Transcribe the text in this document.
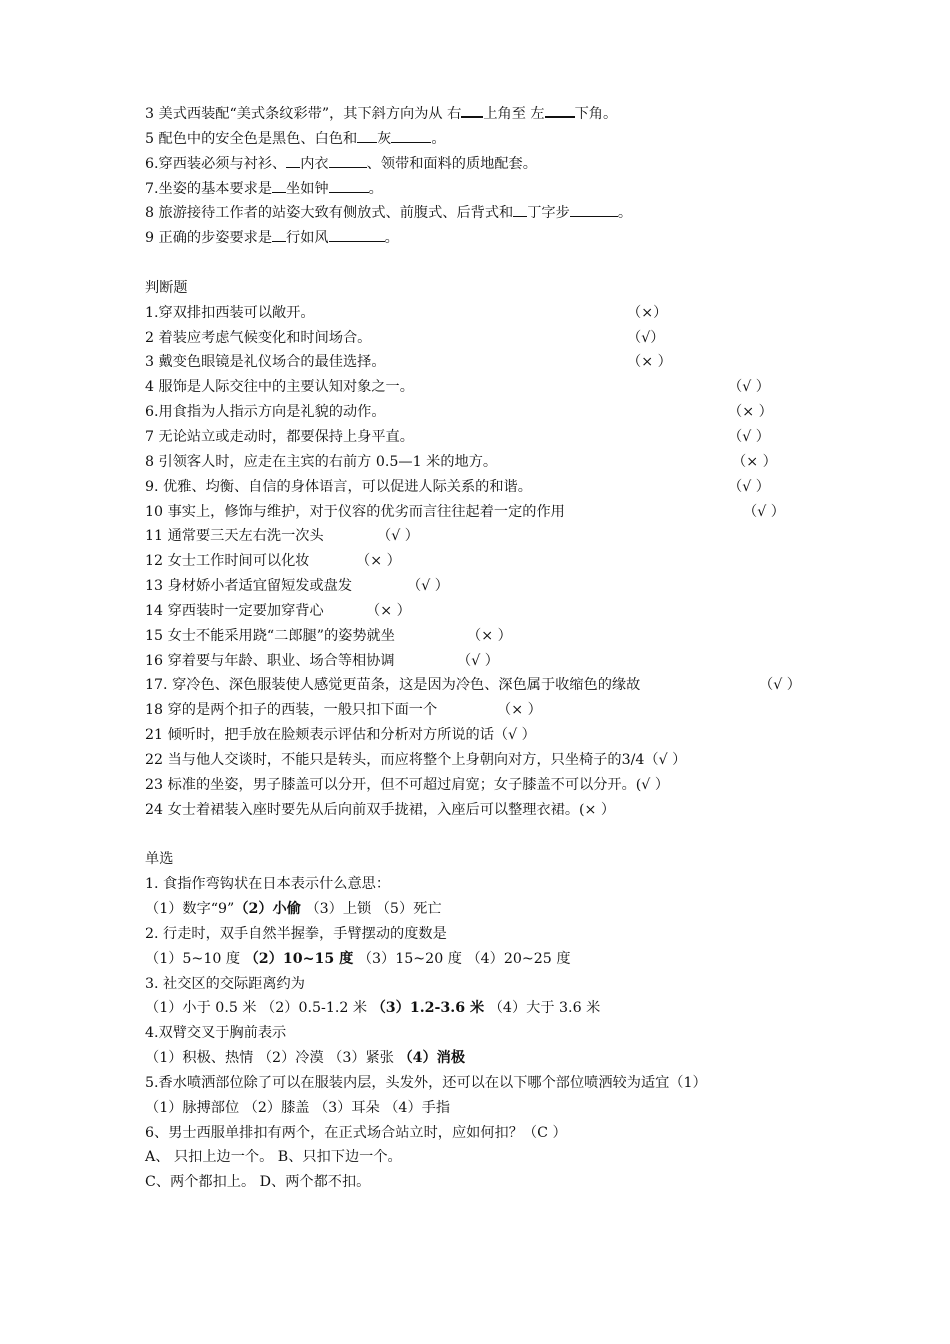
3 美式西装配“美式条纹彩带”，其下斜方向为从 右 上角至 左 下角。
5 配色中的安全色是黑色、白色和 灰	。
6.穿西装必须与衬衫、 内衣	、领带和面料的质地配套。
7.坐姿的基本要求是 坐如钟	。
8 旅游接待工作者的站姿大致有侧放式、前腹式、后背式和 丁字步	。
9 正确的步姿要求是 行如风	。
判断题
1.穿双排扣西装可以敞开。	（×）
2 着装应考虑气候变化和时间场合。	（√）
3 戴变色眼镜是礼仪场合的最佳选择。	（× ）
4 服饰是人际交往中的主要认知对象之一。	（√ ）
6.用食指为人指示方向是礼貌的动作。	（× ）
7 无论站立或走动时，都要保持上身平直。	（√ ）
8 引领客人时，应走在主宾的右前方 0.5—1 米的地方。	（× ）
9. 优雅、均衡、自信的身体语言，可以促进人际关系的和谐。	（√ ）
10 事实上，修饰与维护，对于仪容的优劣而言往往起着一定的作用	（√ ）
11 通常要三天左右洗一次头	（√ ）
12 女士工作时间可以化妆	（× ）
13 身材娇小者适宜留短发或盘发	（√ ）
14 穿西装时一定要加穿背心	（× ）
15 女士不能采用跷“二郎腿”的姿势就坐	（× ）
16 穿着要与年龄、职业、场合等相协调	（√ ）
17. 穿冷色、深色服装使人感觉更苗条，这是因为冷色、深色属于收缩色的缘故	（√ ）
18 穿的是两个扣子的西装，一般只扣下面一个	（× ）
21 倾听时，把手放在脸颊表示评估和分析对方所说的话（√ ）
22 当与他人交谈时，不能只是转头，而应将整个上身朝向对方，只坐椅子的3/4（√ ）
23 标准的坐姿，男子膝盖可以分开，但不可超过肩宽；女子膝盖不可以分开。(√ ）
24 女士着裙装入座时要先从后向前双手拢裙，入座后可以整理衣裙。(× ）
单选
1. 食指作弯钩状在日本表示什么意思：
（1）数字“9”（2）小偷 （3）上锁 （5）死亡
2. 行走时，双手自然半握拳，手臂摆动的度数是
（1）5~10 度 （2）10~15 度 （3）15~20 度 （4）20~25 度
3. 社交区的交际距离约为
（1）小于 0.5 米 （2）0.5-1.2 米 （3）1.2-3.6 米 （4）大于 3.6 米
4.双臂交叉于胸前表示
（1）积极、热情 （2）冷漠 （3）紧张 （4）消极
5.香水喷洒部位除了可以在服装内层，头发外，还可以在以下哪个部位喷洒较为适宜（1）
（1）脉搏部位 （2）膝盖 （3）耳朵 （4）手指
6、男士西服单排扣有两个，在正式场合站立时，应如何扣？（C ）
A、 只扣上边一个。 B、只扣下边一个。
C、两个都扣上。 D、两个都不扣。
